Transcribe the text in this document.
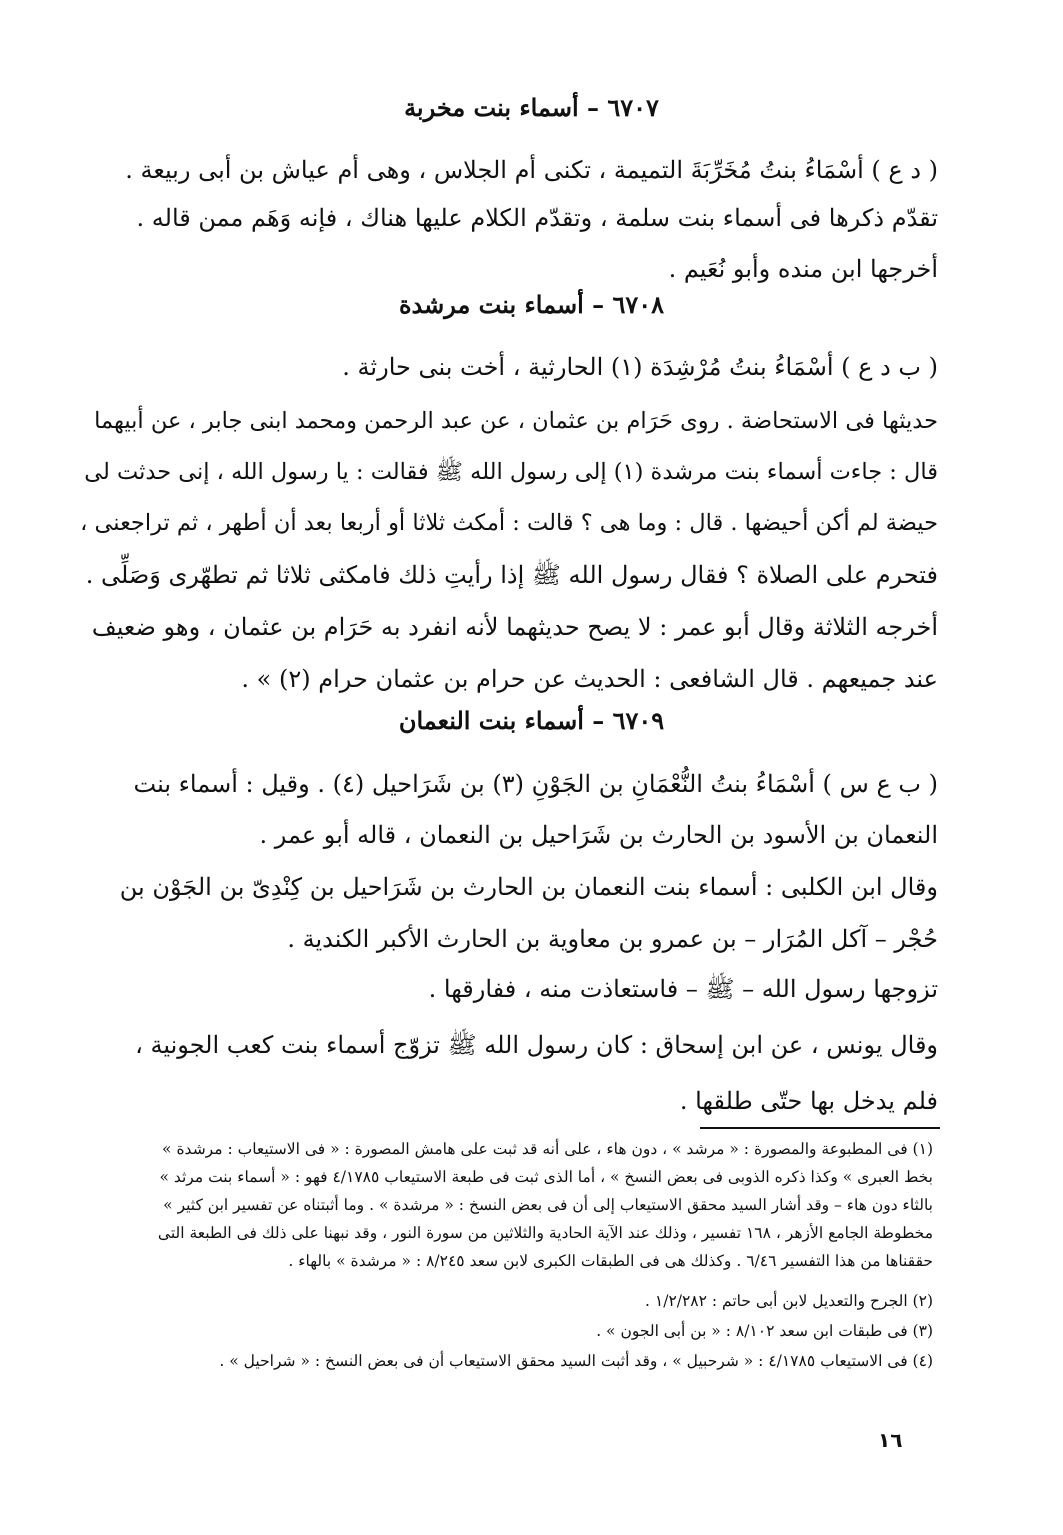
٦٧٠٧ – أسماء بنت مخربة
( د ع ) أسْمَاءُ بنتُ مُخَرِّبَةَ التميمة ، تكنى أم الجلاس ، وهى أم عياش بن أبى ربيعة .
تقدّم ذكرها فى أسماء بنت سلمة ، وتقدّم الكلام عليها هناك ، فإنه وَهَم ممن قاله .
أخرجها ابن منده وأبو نُعَيم .
٦٧٠٨ – أسماء بنت مرشدة
( ب د ع ) أسْمَاءُ بنتُ مُرْشِدَة (١) الحارثية ، أخت بنى حارثة .
حديثها فى الاستحاضة . روى حَرَام بن عثمان ، عن عبد الرحمن ومحمد ابنى جابر ، عن أبيهما
قال : جاءت أسماء بنت مرشدة (١) إلى رسول الله ﷺ فقالت : يا رسول الله ، إنى حدثت لى
حيضة لم أكن أحيضها . قال : وما هى ؟ قالت : أمكث ثلاثا أو أربعا بعد أن أطهر ، ثم تراجعنى ،
فتحرم على الصلاة ؟ فقال رسول الله ﷺ إذا رأيتِ ذلك فامكثى ثلاثا ثم تطهّرى وَصَلِّى .
أخرجه الثلاثة وقال أبو عمر : لا يصح حديثهما لأنه انفرد به حَرَام بن عثمان ، وهو ضعيف
عند جميعهم . قال الشافعى : الحديث عن حرام بن عثمان حرام (٢) » .
٦٧٠٩ – أسماء بنت النعمان
( ب ع س ) أسْمَاءُ بنتُ النُّعْمَانِ بن الجَوْنِ (٣) بن شَرَاحيل (٤) . وقيل : أسماء بنت
النعمان بن الأسود بن الحارث بن شَرَاحيل بن النعمان ، قاله أبو عمر .
وقال ابن الكلبى : أسماء بنت النعمان بن الحارث بن شَرَاحيل بن كِنْدِىّ بن الجَوْن بن
حُجْر – آكل المُرَار – بن عمرو بن معاوية بن الحارث الأكبر الكندية .
تزوجها رسول الله – ﷺ – فاستعاذت منه ، ففارقها .
وقال يونس ، عن ابن إسحاق : كان رسول الله ﷺ تزوّج أسماء بنت كعب الجونية ،
فلم يدخل بها حتّى طلقها .
(١) فى المطبوعة والمصورة : « مرشد » ، دون هاء ، على أنه قد ثبت على هامش المصورة : « فى الاستيعاب : مرشدة »
بخط العبرى » وكذا ذكره الذوبى فى بعض النسخ » ، أما الذى ثبت فى طبعة الاستيعاب ٤/١٧٨٥ فهو : « أسماء بنت مرثد »
بالثاء دون هاء – وقد أشار السيد محقق الاستيعاب إلى أن فى بعض النسخ : « مرشدة » . وما أثبتناه عن تفسير ابن كثير »
مخطوطة الجامع الأزهر ، ١٦٨ تفسير ، وذلك عند الآية الحادية والثلاثين من سورة النور ، وقد نبهنا على ذلك فى الطبعة التى
حققناها من هذا التفسير ٦/٤٦ . وكذلك هى فى الطبقات الكبرى لابن سعد ٨/٢٤٥ : « مرشدة » بالهاء .
(٢) الجرح والتعديل لابن أبى حاتم : ١/٢/٢٨٢ .
(٣) فى طبقات ابن سعد ٨/١٠٢ : « بن أبى الجون » .
(٤) فى الاستيعاب ٤/١٧٨٥ : « شرحبيل » ، وقد أثبت السيد محقق الاستيعاب أن فى بعض النسخ : « شراحيل » .
١٦
